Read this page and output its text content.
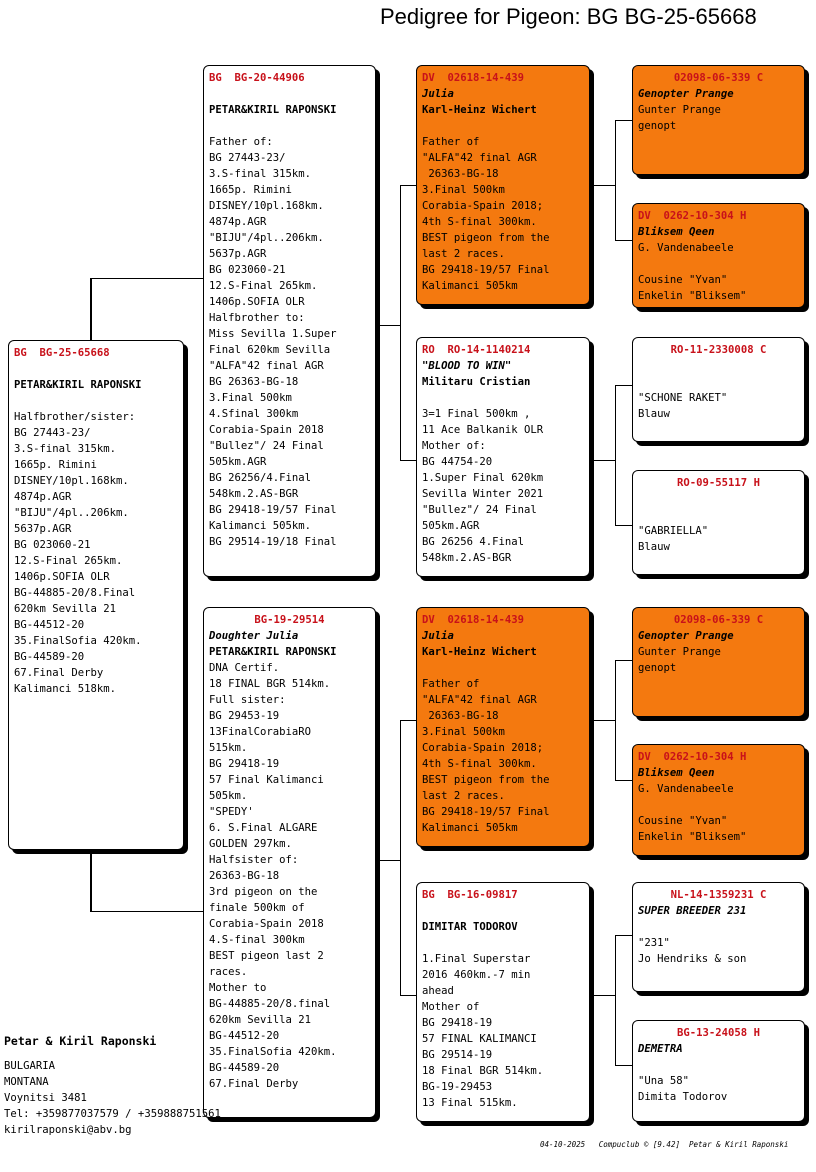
Pedigree for Pigeon: BG BG-25-65668
BG  BG-25-65668
PETAR&KIRIL RAPONSKI
Halfbrother/sister:
BG 27443-23/
3.S-final 315km.
1665p. Rimini
DISNEY/10pl.168km.
4874p.AGR
"BIJU"/4pl..206km.
5637p.AGR
BG 023060-21
12.S-Final 265km.
1406p.SOFIA OLR
BG-44885-20/8.Final
620km Sevilla 21
BG-44512-20
35.FinalSofia 420km.
BG-44589-20
67.Final Derby
Kalimanci 518km.
BG  BG-20-44906
PETAR&KIRIL RAPONSKI
Father of:
BG 27443-23/
3.S-final 315km.
1665p. Rimini
DISNEY/10pl.168km.
4874p.AGR
"BIJU"/4pl..206km.
5637p.AGR
BG 023060-21
12.S-Final 265km.
1406p.SOFIA OLR
Halfbrother to:
Miss Sevilla 1.Super
Final 620km Sevilla
"ALFA"42 final AGR
BG 26363-BG-18
3.Final 500km
4.Sfinal 300km
Corabia-Spain 2018
"Bullez"/ 24 Final
505km.AGR
BG 26256/4.Final
548km.2.AS-BGR
BG 29418-19/57 Final
Kalimanci 505km.
BG 29514-19/18 Final
BG-19-29514
Doughter Julia
PETAR&KIRIL RAPONSKI
DNA Certif.
18 FINAL BGR 514km.
Full sister:
BG 29453-19
13FinalCorabiaRO
515km.
BG 29418-19
57 Final Kalimanci
505km.
"SPEDY'
6. S.Final ALGARE
GOLDEN 297km.
Halfsister of:
26363-BG-18
3rd pigeon on the
finale 500km of
Corabia-Spain 2018
4.S-final 300km
BEST pigeon last 2
races.
Mother to
BG-44885-20/8.final
620km Sevilla 21
BG-44512-20
35.FinalSofia 420km.
BG-44589-20
67.Final Derby
DV  02618-14-439
Julia
Karl-Heinz Wichert
Father of
"ALFA"42 final AGR
26363-BG-18
3.Final 500km
Corabia-Spain 2018;
4th S-final 300km.
BEST pigeon from the
last 2 races.
BG 29418-19/57 Final
Kalimanci 505km
RO  RO-14-1140214
"BLOOD TO WIN"
Militaru Cristian
3=1 Final 500km ,
11 Ace Balkanik OLR
Mother of:
BG 44754-20
1.Super Final 620km
Sevilla Winter 2021
"Bullez"/ 24 Final
505km.AGR
BG 26256 4.Final
548km.2.AS-BGR
DV  02618-14-439
Julia
Karl-Heinz Wichert
Father of
"ALFA"42 final AGR
26363-BG-18
3.Final 500km
Corabia-Spain 2018;
4th S-final 300km.
BEST pigeon from the
last 2 races.
BG 29418-19/57 Final
Kalimanci 505km
BG  BG-16-09817
DIMITAR TODOROV
1.Final Superstar
2016 460km.-7 min
ahead
Mother of
BG 29418-19
57 FINAL KALIMANCI
BG 29514-19
18 Final BGR 514km.
BG-19-29453
13 Final 515km.
02098-06-339 C
Genopter Prange
Gunter Prange
genopt
DV  0262-10-304 H
Bliksem Qeen
G. Vandenabeele
Cousine "Yvan"
Enkelin "Bliksem"
RO-11-2330008 C
"SCHONE RAKET"
Blauw
RO-09-55117 H
"GABRIELLA"
Blauw
02098-06-339 C
Genopter Prange
Gunter Prange
genopt
DV  0262-10-304 H
Bliksem Qeen
G. Vandenabeele
Cousine "Yvan"
Enkelin "Bliksem"
NL-14-1359231 C
SUPER BREEDER 231
"231"
Jo Hendriks & son
BG-13-24058 H
DEMETRA
"Una 58"
Dimita Todorov
Petar & Kiril Raponski
BULGARIA
MONTANA
Voynitsi 3481
Tel: +359877037579 / +359888751561
kirilraponski@abv.bg
04-10-2025   Compuclub © [9.42]  Petar & Kiril Raponski
